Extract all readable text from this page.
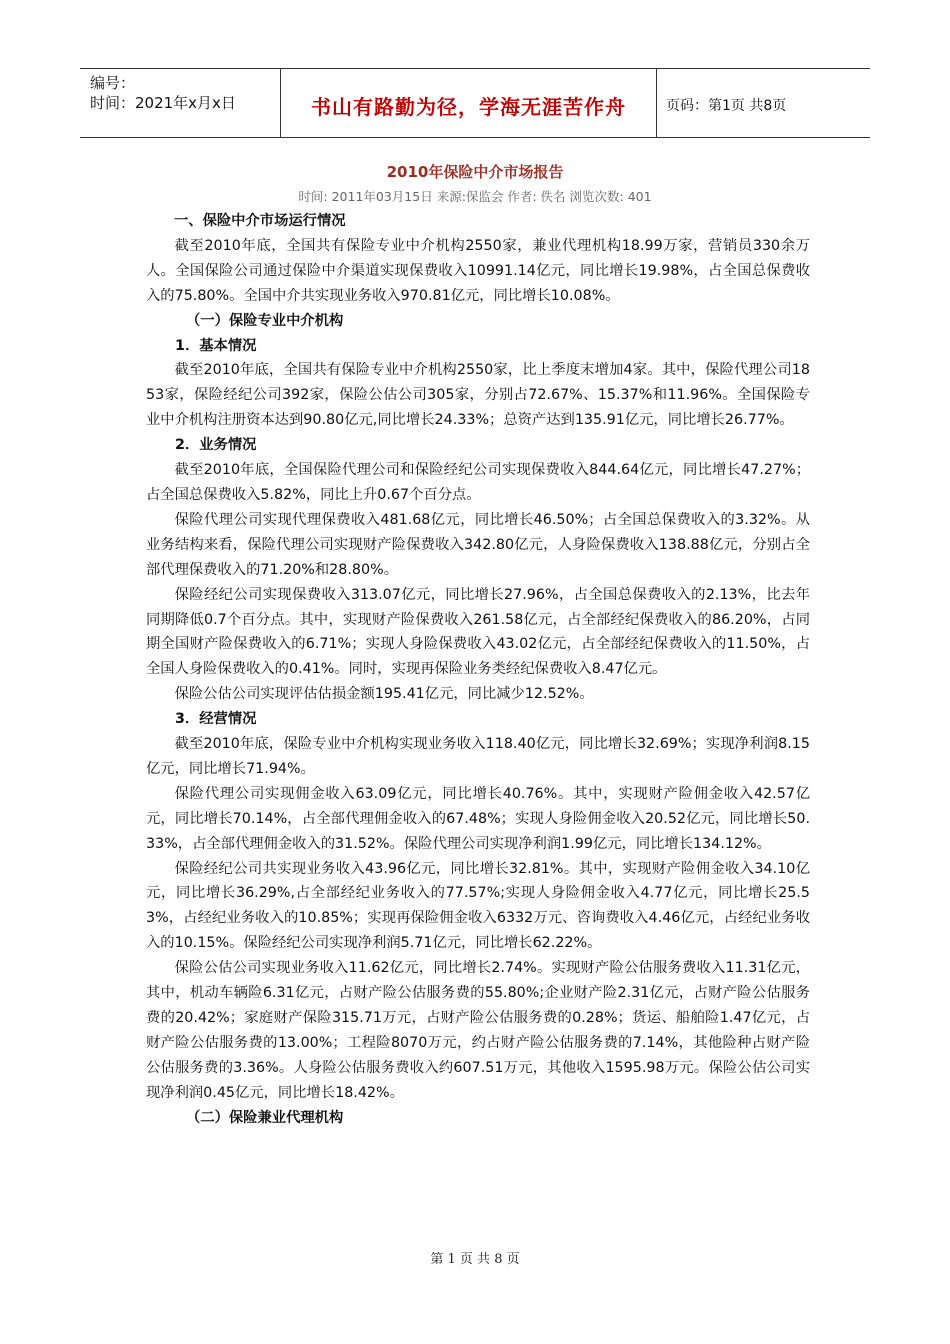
编号：
时间：2021年x月x日	书山有路勤为径，学海无涯苦作舟	页码：第1页 共8页
2010年保险中介市场报告
时间: 2011年03月15日 来源:保监会 作者: 佚名 浏览次数: 401
一、保险中介市场运行情况

截至2010年底，全国共有保险专业中介机构2550家，兼业代理机构18.99万家，营销员330余万人。全国保险公司通过保险中介渠道实现保费收入10991.14亿元，同比增长19.98%，占全国总保费收入的75.80%。全国中介共实现业务收入970.81亿元，同比增长10.08%。

（一）保险专业中介机构
1．基本情况

截至2010年底，全国共有保险专业中介机构2550家，比上季度末增加4家。其中，保险代理公司1853家，保险经纪公司392家，保险公估公司305家，分别占72.67%、15.37%和11.96%。全国保险专业中介机构注册资本达到90.80亿元,同比增长24.33%；总资产达到135.91亿元，同比增长26.77%。

2．业务情况

截至2010年底，全国保险代理公司和保险经纪公司实现保费收入844.64亿元，同比增长47.27%；占全国总保费收入5.82%，同比上升0.67个百分点。

保险代理公司实现代理保费收入481.68亿元，同比增长46.50%；占全国总保费收入的3.32%。从业务结构来看，保险代理公司实现财产险保费收入342.80亿元，人身险保费收入138.88亿元，分别占全部代理保费收入的71.20%和28.80%。

保险经纪公司实现保费收入313.07亿元，同比增长27.96%，占全国总保费收入的2.13%，比去年同期降低0.7个百分点。其中，实现财产险保费收入261.58亿元，占全部经纪保费收入的86.20%，占同期全国财产险保费收入的6.71%；实现人身险保费收入43.02亿元，占全部经纪保费收入的11.50%，占全国人身险保费收入的0.41%。同时，实现再保险业务类经纪保费收入8.47亿元。

保险公估公司实现评估估损金额195.41亿元，同比减少12.52%。

3．经营情况

截至2010年底，保险专业中介机构实现业务收入118.40亿元，同比增长32.69%；实现净利润8.15亿元，同比增长71.94%。

保险代理公司实现佣金收入63.09亿元，同比增长40.76%。其中，实现财产险佣金收入42.57亿元，同比增长70.14%，占全部代理佣金收入的67.48%；实现人身险佣金收入20.52亿元，同比增长50.33%，占全部代理佣金收入的31.52%。保险代理公司实现净利润1.99亿元，同比增长134.12%。

保险经纪公司共实现业务收入43.96亿元，同比增长32.81%。其中，实现财产险佣金收入34.10亿元，同比增长36.29%,占全部经纪业务收入的77.57%;实现人身险佣金收入4.77亿元，同比增长25.53%，占经纪业务收入的10.85%；实现再保险佣金收入6332万元、咨询费收入4.46亿元，占经纪业务收入的10.15%。保险经纪公司实现净利润5.71亿元，同比增长62.22%。

保险公估公司实现业务收入11.62亿元，同比增长2.74%。实现财产险公估服务费收入11.31亿元，其中，机动车辆险6.31亿元，占财产险公估服务费的55.80%;企业财产险2.31亿元，占财产险公估服务费的20.42%；家庭财产保险315.71万元，占财产险公估服务费的0.28%；货运、船舶险1.47亿元，占财产险公估服务费的13.00%；工程险8070万元，约占财产险公估服务费的7.14%，其他险种占财产险公估服务费的3.36%。人身险公估服务费收入约607.51万元，其他收入1595.98万元。保险公估公司实现净利润0.45亿元，同比增长18.42%。

（二）保险兼业代理机构
第 1 页 共 8 页
